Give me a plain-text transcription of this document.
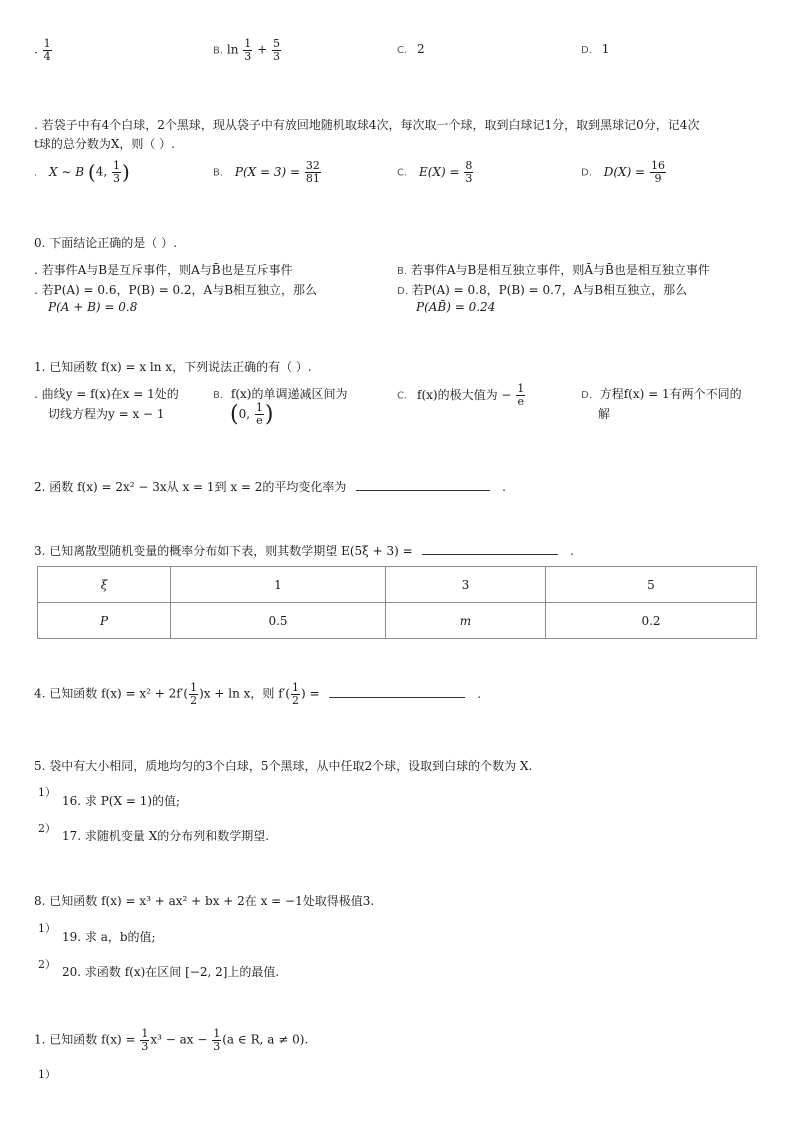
. $\frac{1}{4}$	B. $\ln \frac{1}{3} + \frac{5}{3}$	C. 2	D. 1
. 若袋子中有4个白球，2个黑球，现从袋子中有放回地随机取球4次，每次取一个球，取到白球记1分，取到黑球记0分，记4次
t球的总分数为X，则（ ）.
. X ∼ B (4, $\frac{1}{3}$ )	B. $P(X = 3) = \frac{32}{81}$	C. $E(X) = \frac{8}{3}$	D. $D(X) = \frac{16}{9}$
0. 下面结论正确的是（ ）.
. 若事件A与B是互斥事件，则A与B̄也是互斥事件	B. 若事件A与B是相互独立事件，则Ā与B̄也是相互独立事件
. 若P(A) = 0.6，P(B) = 0.2，A与B相互独立，那么
P(A + B) = 0.8
D. 若P(A) = 0.8，P(B) = 0.7，A与B相互独立，那么
P(AB̄) = 0.24
1. 已知函数 f(x) = x ln x，下列说法正确的有（ ）.
. 曲线y = f(x)在x = 1处的
切线方程为y = x − 1
B. f(x)的单调递减区间为
(0, $\frac{1}{e}$ )
C. f(x)的极大值为 − $\frac{1}{e}$	D. 方程f(x) = 1有两个不同的
解
2. 函数 f(x) = 2x² − 3x从 x = 1到 x = 2的平均变化率为	.
3. 已知离散型随机变量的概率分布如下表，则其数学期望 E(5ξ + 3) =	.
ξ	1	3	5
P	0.5	m	0.2
4. 已知函数 $f(x) = x^2 + 2f'( \frac{1}{2} )x + \ln x$，则 $f'( \frac{1}{2}$ ) =	.
5. 袋中有大小相同，质地均匀的3个白球，5个黑球，从中任取2个球，设取到白球的个数为 X.
1）
16. 求 P(X = 1)的值;
2）
17. 求随机变量 X的分布列和数学期望.
8. 已知函数 f(x) = x³ + ax² + bx + 2在 x = −1处取得极值3.
1）
19. 求 a，b的值;
2）
20. 求函数 f(x)在区间 [−2, 2]上的最值.
1. 已知函数 $f(x) = \frac{1}{3} x^3$ − ax − $\frac{1}{3} (a$ ∈ R, a ≠ 0).
1）
